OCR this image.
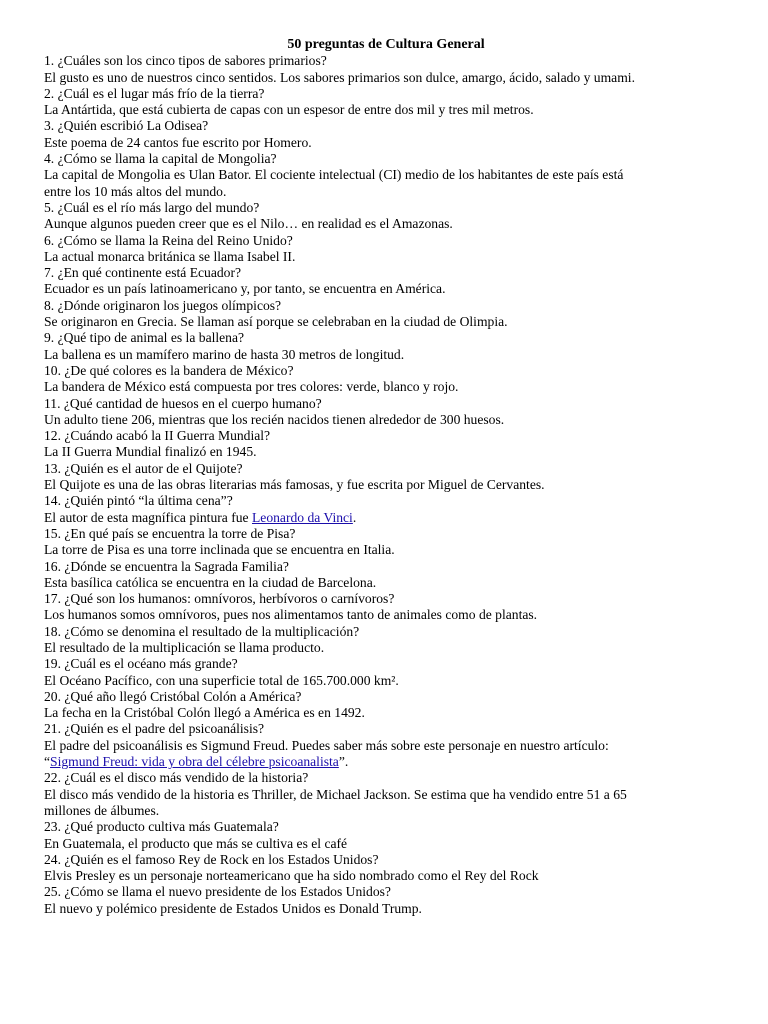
50 preguntas de Cultura General

1. ¿Cuáles son los cinco tipos de sabores primarios?

El gusto es uno de nuestros cinco sentidos. Los sabores primarios son dulce, amargo, ácido, salado y umami.

2. ¿Cuál es el lugar más frío de la tierra?

La Antártida, que está cubierta de capas con un espesor de entre dos mil y tres mil metros.

3. ¿Quién escribió La Odisea?

Este poema de 24 cantos fue escrito por Homero.

4. ¿Cómo se llama la capital de Mongolia?

La capital de Mongolia es Ulan Bator. El cociente intelectual (CI) medio de los habitantes de este país está entre los 10 más altos del mundo.

5. ¿Cuál es el río más largo del mundo?

Aunque algunos pueden creer que es el Nilo… en realidad es el Amazonas.

6. ¿Cómo se llama la Reina del Reino Unido?

La actual monarca británica se llama Isabel II.

7. ¿En qué continente está Ecuador?

Ecuador es un país latinoamericano y, por tanto, se encuentra en América.

8. ¿Dónde originaron los juegos olímpicos?

Se originaron en Grecia. Se llaman así porque se celebraban en la ciudad de Olimpia.

9. ¿Qué tipo de animal es la ballena?

La ballena es un mamífero marino de hasta 30 metros de longitud.

10. ¿De qué colores es la bandera de México?

La bandera de México está compuesta por tres colores: verde, blanco y rojo.

11. ¿Qué cantidad de huesos en el cuerpo humano?

Un adulto tiene 206, mientras que los recién nacidos tienen alrededor de 300 huesos.

12. ¿Cuándo acabó la II Guerra Mundial?

La II Guerra Mundial finalizó en 1945.

13. ¿Quién es el autor de el Quijote?

El Quijote es una de las obras literarias más famosas, y fue escrita por Miguel de Cervantes.

14. ¿Quién pintó “la última cena”?

El autor de esta magnífica pintura fue Leonardo da Vinci.

15. ¿En qué país se encuentra la torre de Pisa?

La torre de Pisa es una torre inclinada que se encuentra en Italia.

16. ¿Dónde se encuentra la Sagrada Familia?

Esta basílica católica se encuentra en la ciudad de Barcelona.

17. ¿Qué son los humanos: omnívoros, herbívoros o carnívoros?

Los humanos somos omnívoros, pues nos alimentamos tanto de animales como de plantas.

18. ¿Cómo se denomina el resultado de la multiplicación?

El resultado de la multiplicación se llama producto.

19. ¿Cuál es el océano más grande?

El Océano Pacífico, con una superficie total de 165.700.000 km².

20. ¿Qué año llegó Cristóbal Colón a América?

La fecha en la Cristóbal Colón llegó a América es en 1492.

21. ¿Quién es el padre del psicoanálisis?

El padre del psicoanálisis es Sigmund Freud. Puedes saber más sobre este personaje en nuestro artículo:

“Sigmund Freud: vida y obra del célebre psicoanalista”.

22. ¿Cuál es el disco más vendido de la historia?

El disco más vendido de la historia es Thriller, de Michael Jackson. Se estima que ha vendido entre 51 a 65 millones de álbumes.

23. ¿Qué producto cultiva más Guatemala?

En Guatemala, el producto que más se cultiva es el café

24. ¿Quién es el famoso Rey de Rock en los Estados Unidos?

Elvis Presley es un personaje norteamericano que ha sido nombrado como el Rey del Rock

25. ¿Cómo se llama el nuevo presidente de los Estados Unidos?

El nuevo y polémico presidente de Estados Unidos es Donald Trump.
